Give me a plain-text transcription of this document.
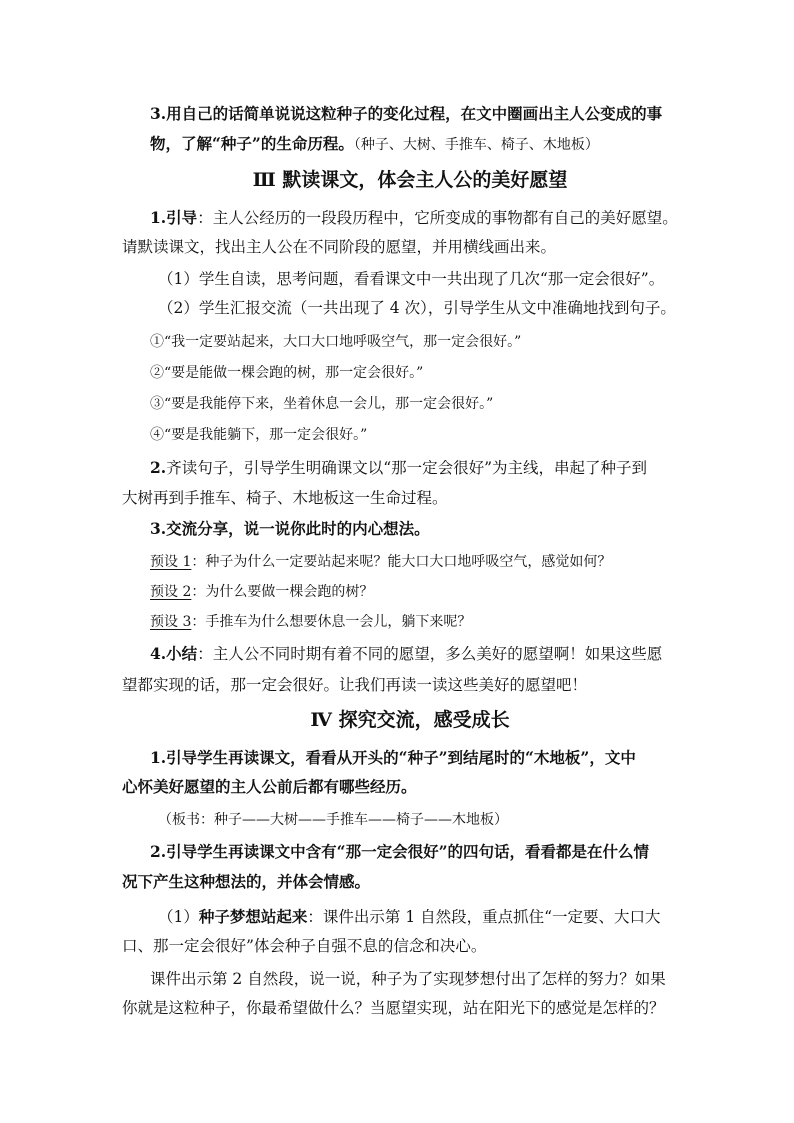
3.用自己的话简单说说这粒种子的变化过程，在文中圈画出主人公变成的事
物，了解“种子”的生命历程。（种子、大树、手推车、椅子、木地板）
Ⅲ 默读课文，体会主人公的美好愿望
1.引导：主人公经历的一段段历程中，它所变成的事物都有自己的美好愿望。
请默读课文，找出主人公在不同阶段的愿望，并用横线画出来。
（1）学生自读，思考问题，看看课文中一共出现了几次“那一定会很好”。
（2）学生汇报交流（一共出现了 4 次），引导学生从文中准确地找到句子。
①“我一定要站起来，大口大口地呼吸空气，那一定会很好。”
②“要是能做一棵会跑的树，那一定会很好。”
③“要是我能停下来，坐着休息一会儿，那一定会很好。”
④“要是我能躺下，那一定会很好。”
2.齐读句子，引导学生明确课文以“那一定会很好”为主线，串起了种子到
大树再到手推车、椅子、木地板这一生命过程。
3.交流分享，说一说你此时的内心想法。
预设 1：种子为什么一定要站起来呢？能大口大口地呼吸空气，感觉如何？
预设 2：为什么要做一棵会跑的树？
预设 3：手推车为什么想要休息一会儿，躺下来呢？
4.小结：主人公不同时期有着不同的愿望，多么美好的愿望啊！如果这些愿
望都实现的话，那一定会很好。让我们再读一读这些美好的愿望吧！
Ⅳ 探究交流，感受成长
1.引导学生再读课文，看看从开头的“种子”到结尾时的“木地板”，文中
心怀美好愿望的主人公前后都有哪些经历。
（板书：种子——大树——手推车——椅子——木地板）
2.引导学生再读课文中含有“那一定会很好”的四句话，看看都是在什么情
况下产生这种想法的，并体会情感。
（1）种子梦想站起来：课件出示第 1 自然段，重点抓住“一定要、大口大
口、那一定会很好”体会种子自强不息的信念和决心。
课件出示第 2 自然段，说一说，种子为了实现梦想付出了怎样的努力？如果
你就是这粒种子，你最希望做什么？当愿望实现，站在阳光下的感觉是怎样的？
